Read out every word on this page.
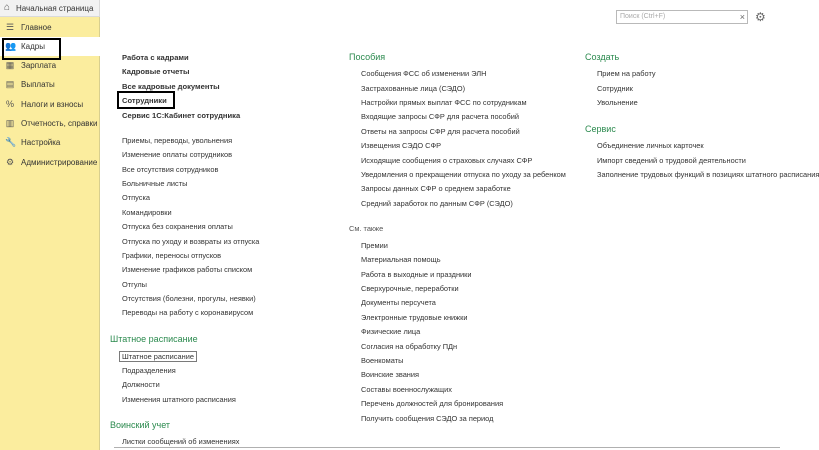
⌂ Начальная страница
☰ Главное
👥 Кадры
▦ Зарплата
▤ Выплаты
% Налоги и взносы
▥ Отчетность, справки
🔧 Настройка
⚙ Администрирование
Поиск (Ctrl+F)	× ⚙
Работа с кадрами
Кадровые отчеты
Все кадровые документы
Сотрудники
Сервис 1С:Кабинет сотрудника
Приемы, переводы, увольнения
Изменение оплаты сотрудников
Все отсутствия сотрудников
Больничные листы
Отпуска
Командировки
Отпуска без сохранения оплаты
Отпуска по уходу и возвраты из отпуска
Графики, переносы отпусков
Изменение графиков работы списком
Отгулы
Отсутствия (болезни, прогулы, неявки)
Переводы на работу с коронавирусом
Штатное расписание
Штатное расписание
Подразделения
Должности
Изменения штатного расписания
Воинский учет
Листки сообщений об изменениях
Пособия
Сообщения ФСС об изменении ЭЛН
Застрахованные лица (СЭДО)
Настройки прямых выплат ФСС по сотрудникам
Входящие запросы СФР для расчета пособий
Ответы на запросы СФР для расчета пособий
Извещения СЭДО СФР
Исходящие сообщения о страховых случаях СФР
Уведомления о прекращении отпуска по уходу за ребенком
Запросы данных СФР о среднем заработке
Средний заработок по данным СФР (СЭДО)
См. также
Премии
Материальная помощь
Работа в выходные и праздники
Сверхурочные, переработки
Документы персучета
Электронные трудовые книжки
Физические лица
Согласия на обработку ПДн
Военкоматы
Воинские звания
Составы военнослужащих
Перечень должностей для бронирования
Получить сообщения СЭДО за период
Создать
Прием на работу
Сотрудник
Увольнение
Сервис
Объединение личных карточек
Импорт сведений о трудовой деятельности
Заполнение трудовых функций в позициях штатного расписания
